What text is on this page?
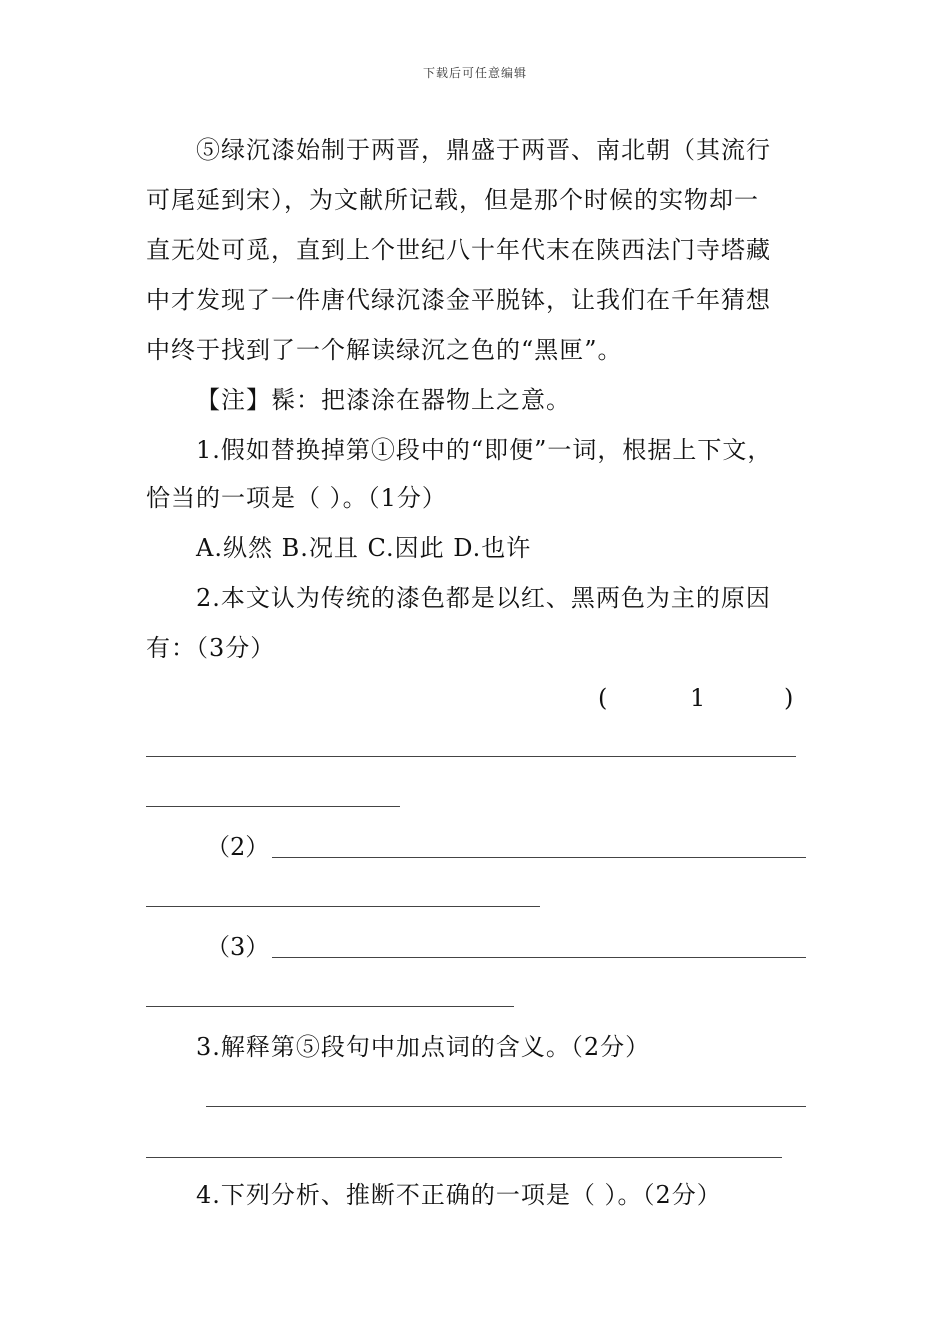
下载后可任意编辑
⑤绿沉漆始制于两晋，鼎盛于两晋、南北朝（其流行
可尾延到宋），为文献所记载，但是那个时候的实物却一
直无处可觅，直到上个世纪八十年代末在陕西法门寺塔藏
中才发现了一件唐代绿沉漆金平脱钵，让我们在千年猜想
中终于找到了一个解读绿沉之色的“黑匣”。
【注】髹：把漆涂在器物上之意。
1.假如替换掉第①段中的“即便”一词，根据上下文，
恰当的一项是（ ）。（1分）
A.纵然 B.况且 C.因此 D.也许
2.本文认为传统的漆色都是以红、黑两色为主的原因
有：（3分）
(	1	)
（2）
（3）
3.解释第⑤段句中加点词的含义。（2分）
4.下列分析、推断不正确的一项是（ ）。（2分）
